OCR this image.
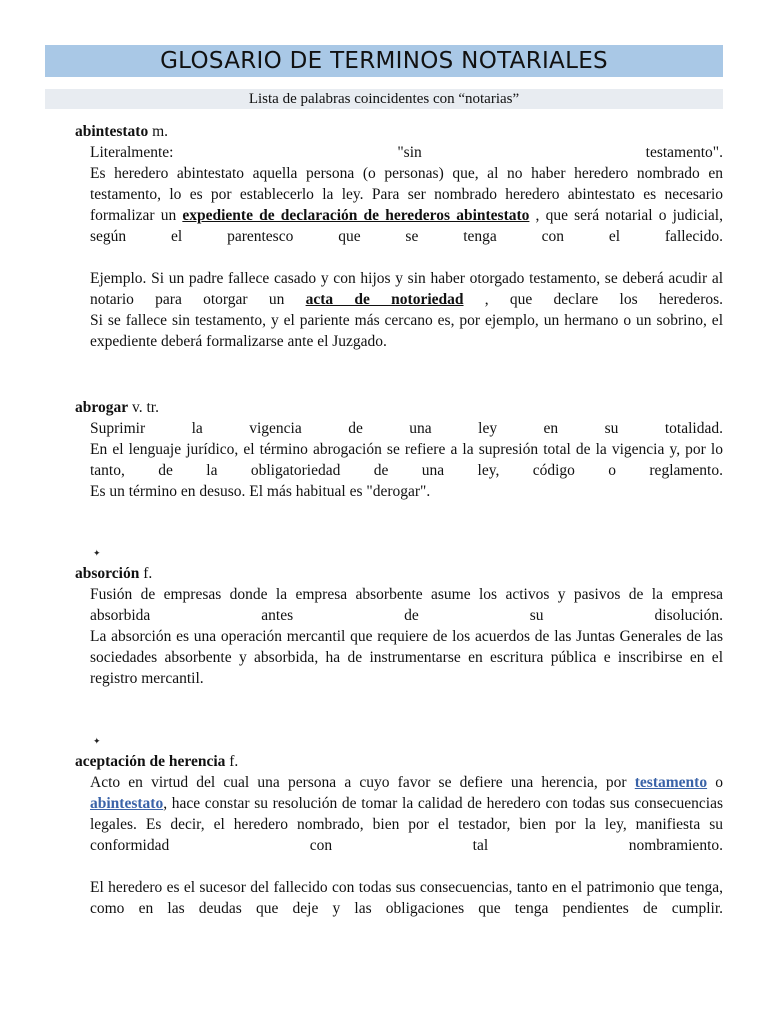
GLOSARIO DE TERMINOS NOTARIALES
Lista de palabras coincidentes con “notarias”

abintestato m.

Literalmente: "sin testamento".

Es heredero abintestato aquella persona (o personas) que, al no haber heredero nombrado en testamento, lo es por establecerlo la ley. Para ser nombrado heredero abintestato es necesario formalizar un expediente de declaración de herederos abintestato , que será notarial o judicial, según el parentesco que se tenga con el fallecido.

Ejemplo. Si un padre fallece casado y con hijos y sin haber otorgado testamento, se deberá acudir al notario para otorgar un acta de notoriedad , que declare los herederos.

Si se fallece sin testamento, y el pariente más cercano es, por ejemplo, un hermano o un sobrino, el expediente deberá formalizarse ante el Juzgado.

abrogar v. tr.

Suprimir la vigencia de una ley en su totalidad.

En el lenguaje jurídico, el término abrogación se refiere a la supresión total de la vigencia y, por lo tanto, de la obligatoriedad de una ley, código o reglamento.

Es un término en desuso. El más habitual es "derogar".

✦

absorción f.

Fusión de empresas donde la empresa absorbente asume los activos y pasivos de la empresa absorbida antes de su disolución.

La absorción es una operación mercantil que requiere de los acuerdos de las Juntas Generales de las sociedades absorbente y absorbida, ha de instrumentarse en escritura pública e inscribirse en el registro mercantil.

✦

aceptación de herencia f.

Acto en virtud del cual una persona a cuyo favor se defiere una herencia, por testamento o abintestato, hace constar su resolución de tomar la calidad de heredero con todas sus consecuencias legales. Es decir, el heredero nombrado, bien por el testador, bien por la ley, manifiesta su conformidad con tal nombramiento.

El heredero es el sucesor del fallecido con todas sus consecuencias, tanto en el patrimonio que tenga, como en las deudas que deje y las obligaciones que tenga pendientes de cumplir.
